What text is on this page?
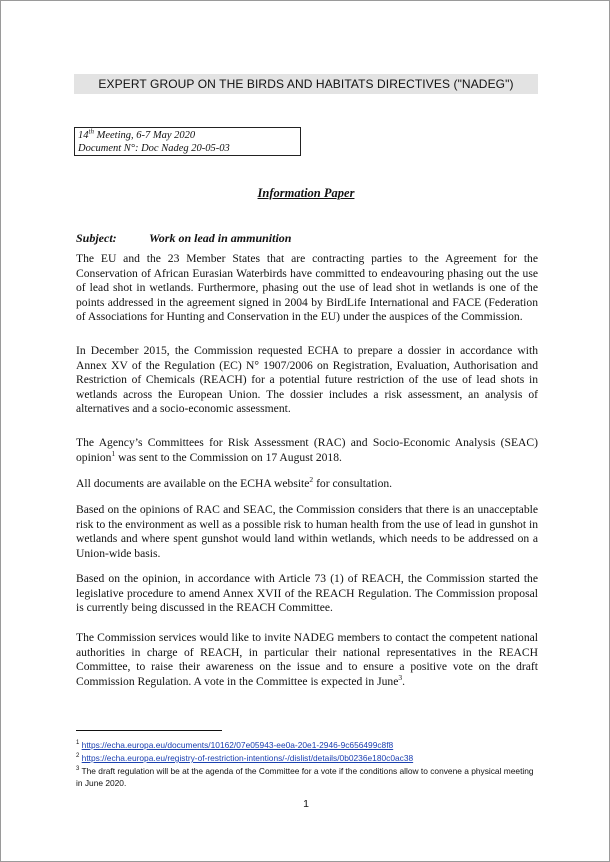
EXPERT GROUP ON THE BIRDS AND HABITATS DIRECTIVES ("NADEG")
14th Meeting, 6-7 May 2020
Document N°: Doc Nadeg 20-05-03
Information Paper
Subject:	Work on lead in ammunition

The EU and the 23 Member States that are contracting parties to the Agreement for the Conservation of African Eurasian Waterbirds have committed to endeavouring phasing out the use of lead shot in wetlands. Furthermore, phasing out the use of lead shot in wetlands is one of the points addressed in the agreement signed in 2004 by BirdLife International and FACE (Federation of Associations for Hunting and Conservation in the EU) under the auspices of the Commission.

In December 2015, the Commission requested ECHA to prepare a dossier in accordance with Annex XV of the Regulation (EC) N° 1907/2006 on Registration, Evaluation, Authorisation and Restriction of Chemicals (REACH) for a potential future restriction of the use of lead shots in wetlands across the European Union. The dossier includes a risk assessment, an analysis of alternatives and a socio-economic assessment.

The Agency’s Committees for Risk Assessment (RAC) and Socio-Economic Analysis (SEAC) opinion$^1$ was sent to the Commission on 17 August 2018.

All documents are available on the ECHA website$^2$ for consultation.

Based on the opinions of RAC and SEAC, the Commission considers that there is an unacceptable risk to the environment as well as a possible risk to human health from the use of lead in gunshot in wetlands and where spent gunshot would land within wetlands, which needs to be addressed on a Union-wide basis.

Based on the opinion, in accordance with Article 73 (1) of REACH, the Commission started the legislative procedure to amend Annex XVII of the REACH Regulation. The Commission proposal is currently being discussed in the REACH Committee.

The Commission services would like to invite NADEG members to contact the competent national authorities in charge of REACH, in particular their national representatives in the REACH Committee, to raise their awareness on the issue and to ensure a positive vote on the draft Commission Regulation. A vote in the Committee is expected in June$^3$.

$^1$ https://echa.europa.eu/documents/10162/07e05943-ee0a-20e1-2946-9c656499c8f8
$^2$ https://echa.europa.eu/registry-of-restriction-intentions/-/dislist/details/0b0236e180c0ac38
$^3$ The draft regulation will be at the agenda of the Committee for a vote if the conditions allow to convene a physical meeting in June 2020.
1
